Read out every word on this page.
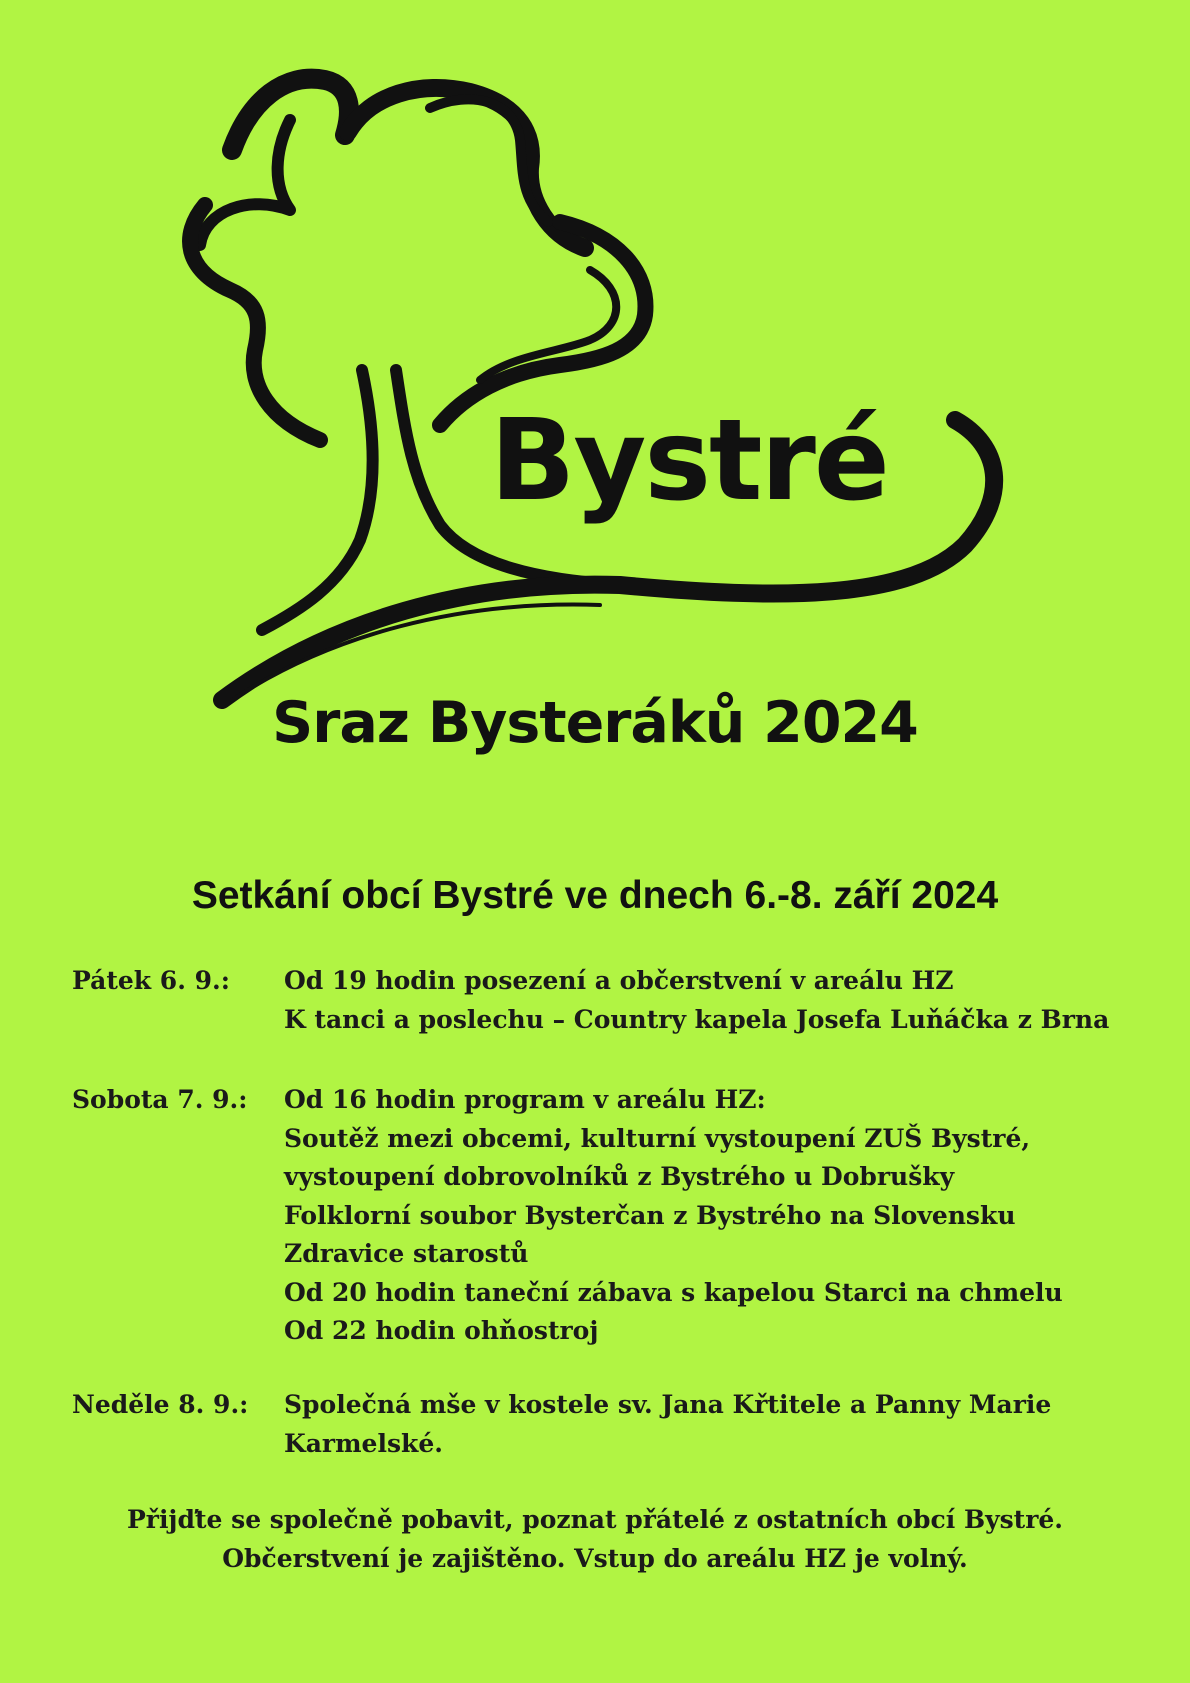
Bystré
Sraz Bysteráků 2024
Setkání obcí Bystré ve dnech 6.-8. září 2024
Pátek 6. 9.: Od 19 hodin posezení a občerstvení v areálu HZ
K tanci a poslechu – Country kapela Josefa Luňáčka z Brna
Sobota 7. 9.: Od 16 hodin program v areálu HZ:
Soutěž mezi obcemi, kulturní vystoupení ZUŠ Bystré,
vystoupení dobrovolníků z Bystrého u Dobrušky
Folklorní soubor Bysterčan z Bystrého na Slovensku
Zdravice starostů
Od 20 hodin taneční zábava s kapelou Starci na chmelu
Od 22 hodin ohňostroj
Neděle 8. 9.: Společná mše v kostele sv. Jana Křtitele a Panny Marie
Karmelské.
Přijďte se společně pobavit, poznat přátelé z ostatních obcí Bystré.
Občerstvení je zajištěno. Vstup do areálu HZ je volný.
